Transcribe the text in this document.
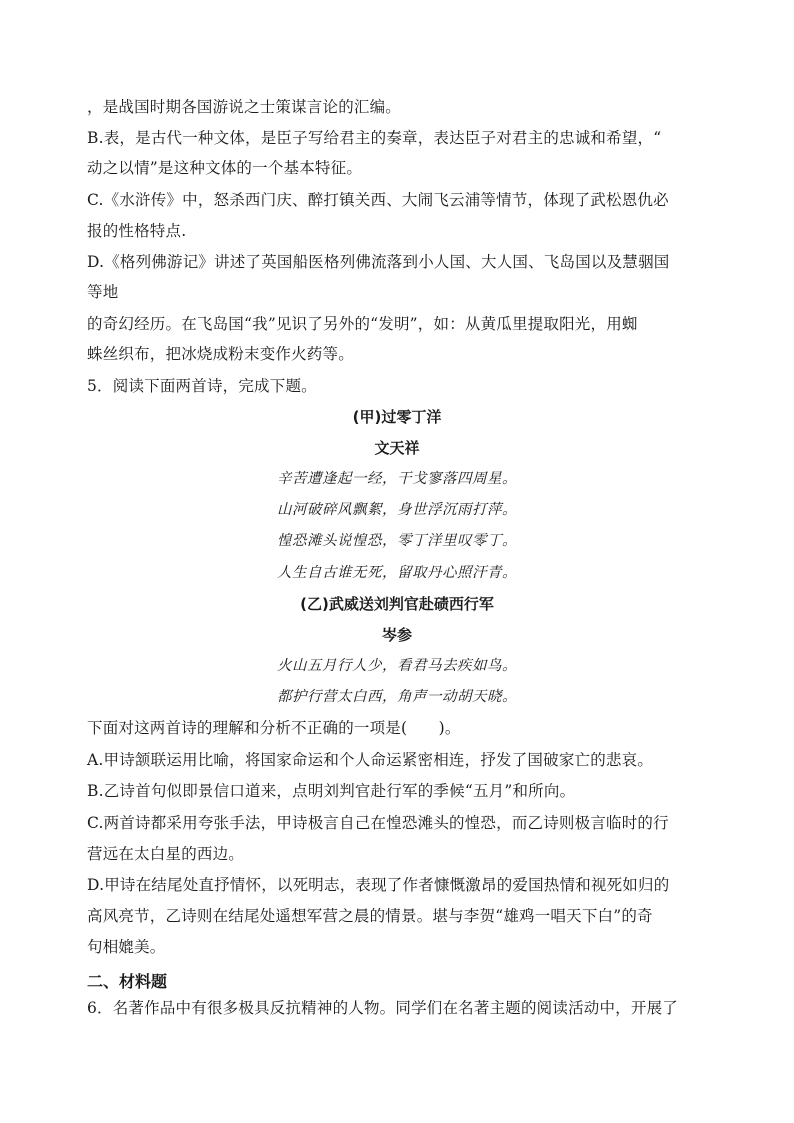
，是战国时期各国游说之士策谋言论的汇编。
B.表，是古代一种文体，是臣子写给君主的奏章，表达臣子对君主的忠诚和希望，“
动之以情”是这种文体的一个基本特征。
C.《水浒传》中，怒杀西门庆、醉打镇关西、大闹飞云浦等情节，体现了武松恩仇必
报的性格特点.
D.《格列佛游记》讲述了英国船医格列佛流落到小人国、大人国、飞岛国以及慧骃国
等地
的奇幻经历。在飞岛国“我”见识了另外的“发明”，如：从黄瓜里提取阳光，用蜘
蛛丝织布，把冰烧成粉末变作火药等。
5．阅读下面两首诗，完成下题。
(甲)过零丁洋
文天祥
辛苦遭逢起一经，干戈寥落四周星。
山河破碎风飘絮，身世浮沉雨打萍。
惶恐滩头说惶恐，零丁洋里叹零丁。
人生自古谁无死，留取丹心照汗青。
(乙)武威送刘判官赴碛西行军
岑参
火山五月行人少，看君马去疾如鸟。
都护行营太白西，角声一动胡天晓。
下面对这两首诗的理解和分析不正确的一项是(　　)。
A.甲诗颔联运用比喻，将国家命运和个人命运紧密相连，抒发了国破家亡的悲哀。
B.乙诗首句似即景信口道来，点明刘判官赴行军的季候“五月”和所向。
C.两首诗都采用夸张手法，甲诗极言自己在惶恐滩头的惶恐，而乙诗则极言临时的行
营远在太白星的西边。
D.甲诗在结尾处直抒情怀，以死明志，表现了作者慷慨激昂的爱国热情和视死如归的
高风亮节，乙诗则在结尾处遥想军营之晨的情景。堪与李贺“雄鸡一唱天下白”的奇
句相媲美。
二、材料题
6．名著作品中有很多极具反抗精神的人物。同学们在名著主题的阅读活动中，开展了
